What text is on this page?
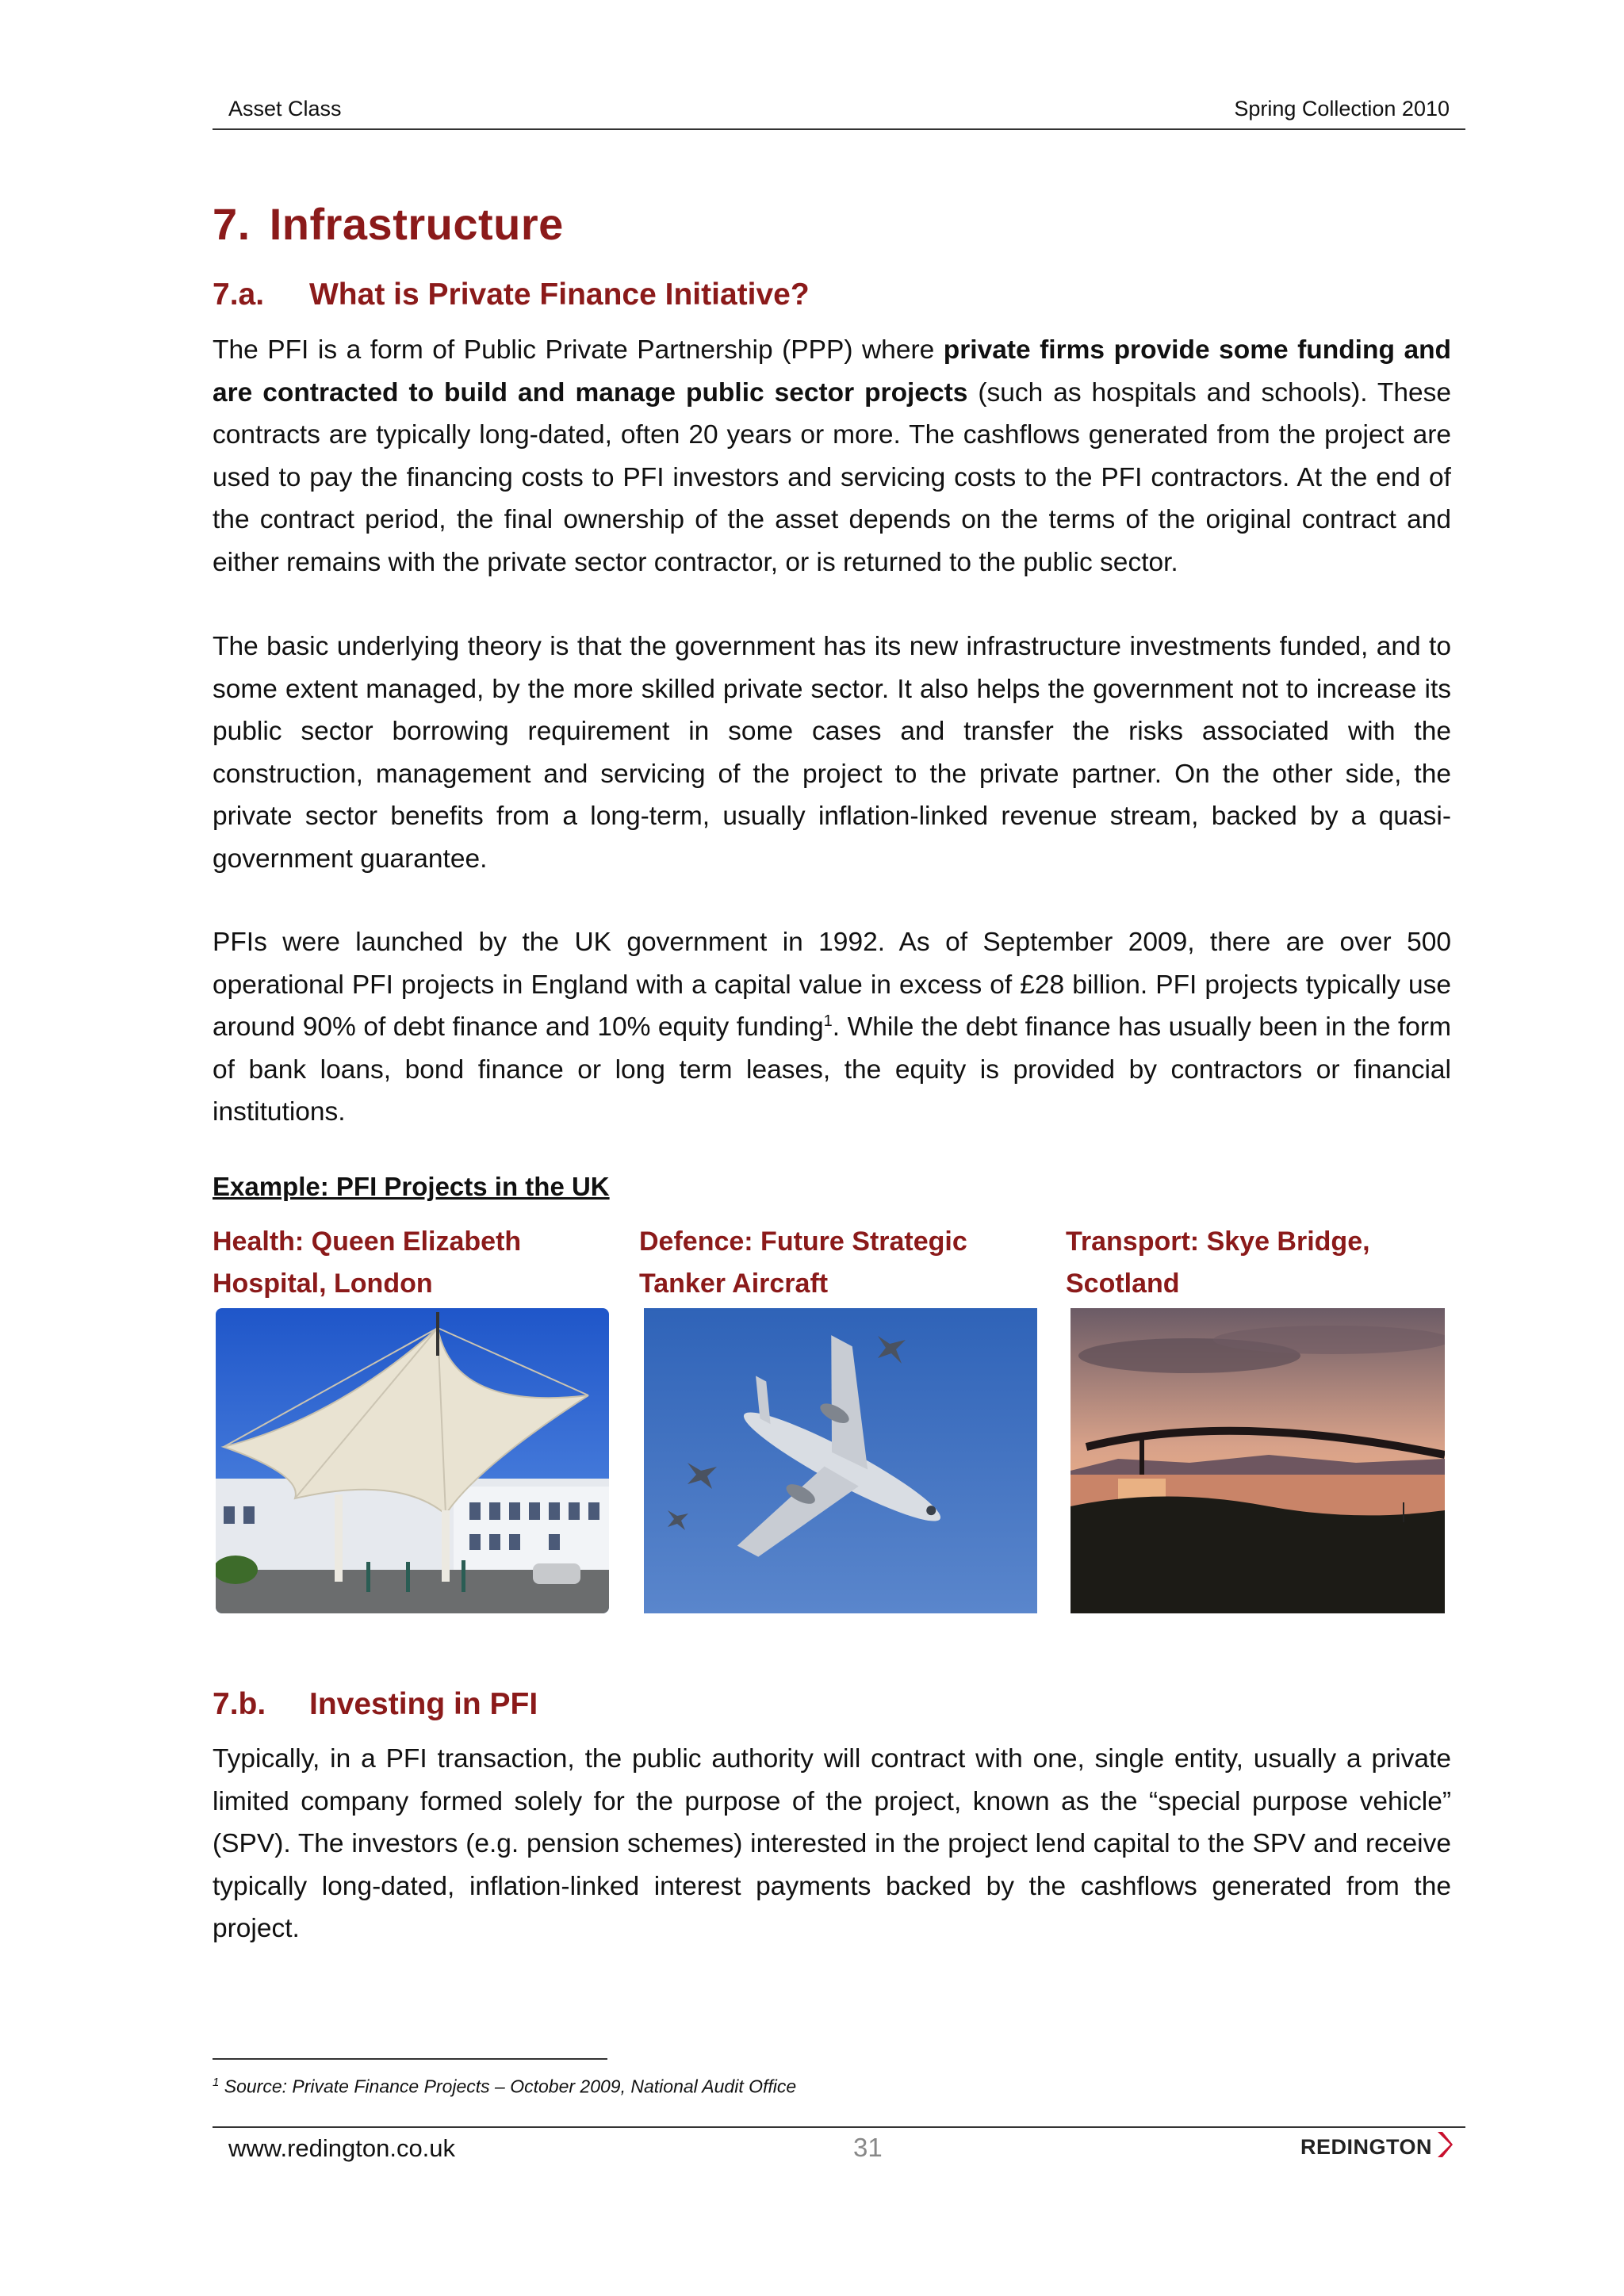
Asset Class	Spring Collection 2010
7. Infrastructure
7.a. What is Private Finance Initiative?

The PFI is a form of Public Private Partnership (PPP) where private firms provide some funding and are contracted to build and manage public sector projects (such as hospitals and schools). These contracts are typically long-dated, often 20 years or more. The cashflows generated from the project are used to pay the financing costs to PFI investors and servicing costs to the PFI contractors. At the end of the contract period, the final ownership of the asset depends on the terms of the original contract and either remains with the private sector contractor, or is returned to the public sector.

The basic underlying theory is that the government has its new infrastructure investments funded, and to some extent managed, by the more skilled private sector. It also helps the government not to increase its public sector borrowing requirement in some cases and transfer the risks associated with the construction, management and servicing of the project to the private partner. On the other side, the private sector benefits from a long-term, usually inflation-linked revenue stream, backed by a quasi-government guarantee.

PFIs were launched by the UK government in 1992. As of September 2009, there are over 500 operational PFI projects in England with a capital value in excess of £28 billion. PFI projects typically use around 90% of debt finance and 10% equity funding$^1$. While the debt finance has usually been in the form of bank loans, bond finance or long term leases, the equity is provided by contractors or financial institutions.

Example: PFI Projects in the UK
Health: Queen Elizabeth Hospital, London
Defence: Future Strategic Tanker Aircraft
Transport: Skye Bridge, Scotland
7.b. Investing in PFI

Typically, in a PFI transaction, the public authority will contract with one, single entity, usually a private limited company formed solely for the purpose of the project, known as the “special purpose vehicle” (SPV). The investors (e.g. pension schemes) interested in the project lend capital to the SPV and receive typically long-dated, inflation-linked interest payments backed by the cashflows generated from the project.

$^1$ Source: Private Finance Projects – October 2009, National Audit Office
www.redington.co.uk	31	REDINGTON
